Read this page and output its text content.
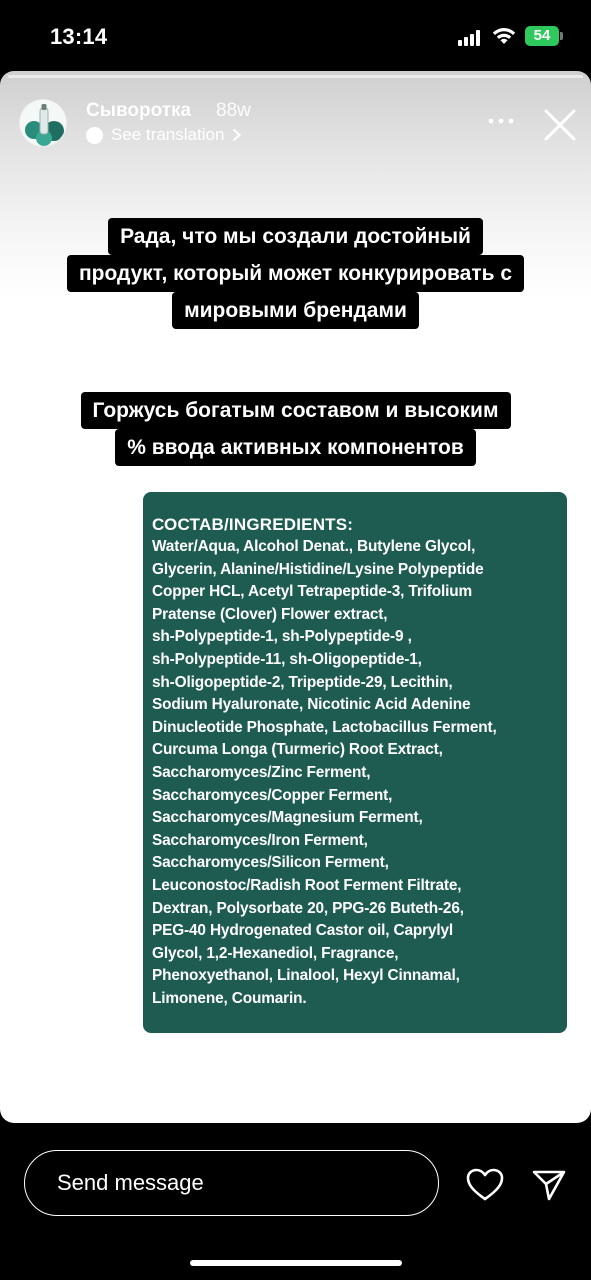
13:14	54
Сыворотка 88w
See translation
Рада, что мы создали достойный
продукт, который может конкурировать с
мировыми брендами
Горжусь богатым составом и высоким
% ввода активных компонентов
СОСТАВ/INGREDIENTS:
Water/Aqua, Alcohol Denat., Butylene Glycol,
Glycerin, Alanine/Histidine/Lysine Polypeptide
Copper HCL, Acetyl Tetrapeptide-3, Trifolium
Pratense (Clover) Flower extract,
sh-Polypeptide-1, sh-Polypeptide-9 ,
sh-Polypeptide-11, sh-Oligopeptide-1,
sh-Oligopeptide-2, Tripeptide-29, Lecithin,
Sodium Hyaluronate, Nicotinic Acid Adenine
Dinucleotide Phosphate, Lactobacillus Ferment,
Curcuma Longa (Turmeric) Root Extract,
Saccharomyces/Zinc Ferment,
Saccharomyces/Copper Ferment,
Saccharomyces/Magnesium Ferment,
Saccharomyces/Iron Ferment,
Saccharomyces/Silicon Ferment,
Leuconostoc/Radish Root Ferment Filtrate,
Dextran, Polysorbate 20, PPG-26 Buteth-26,
PEG-40 Hydrogenated Castor oil, Caprylyl
Glycol, 1,2-Hexanediol, Fragrance,
Phenoxyethanol, Linalool, Hexyl Cinnamal,
Limonene, Coumarin.
Send message
